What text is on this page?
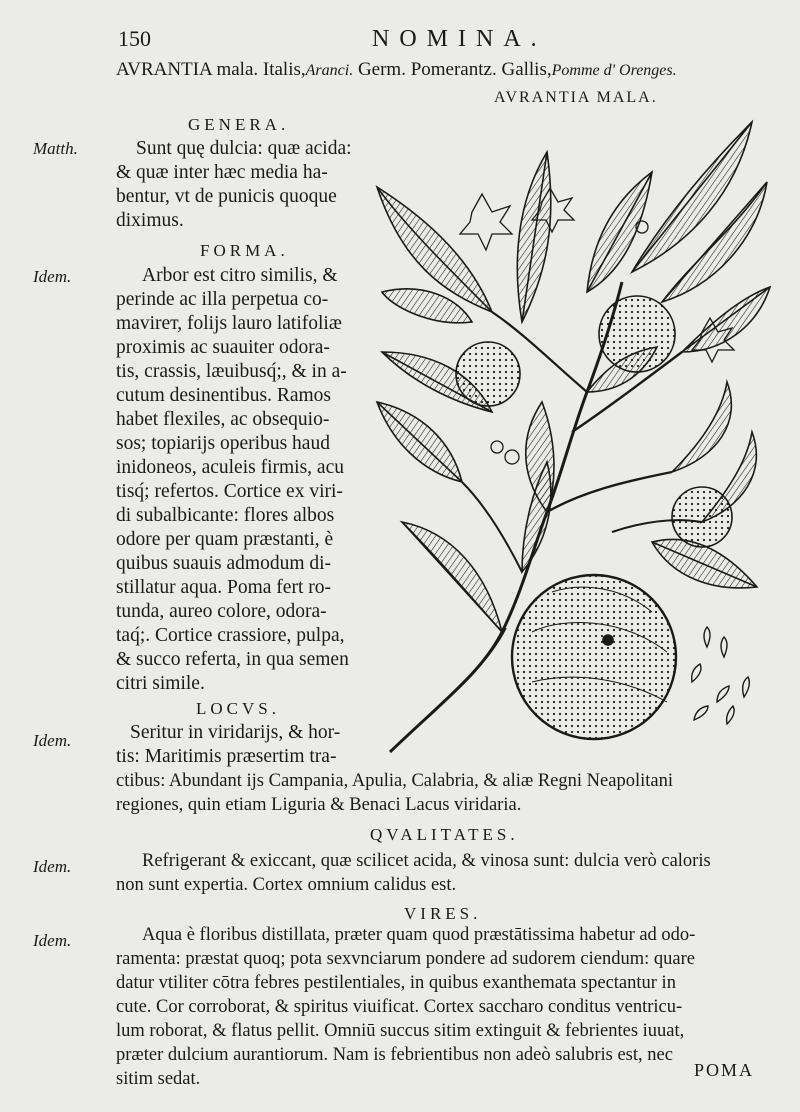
150	NOMINA.
AVRANTIA mala. Italis,Aranci. Germ. Pomerantz. Gallis,Pomme d' Orenges.
AVRANTIA MALA.
GENERA.
Matth.	Sunt quę dulcia: quæ acida:
& quæ inter hæc media ha-
bentur, vt de punicis quoque
diximus.
FORMA.
Idem.	Arbor est citro similis, &
perinde ac illa perpetua co-
mavirет, folijs lauro latifoliæ
proximis ac suauiter odora-
tis, crassis, læuibusq́;, & in a-
cutum desinentibus. Ramos
habet flexiles, ac obsequio-
sos; topiarijs operibus haud
inidoneos, aculeis firmis, acu
tisq́; refertos. Cortice ex viri-
di subalbicante: flores albos
odore per quam præstanti, è
quibus suauis admodum di-
stillatur aqua. Poma fert ro-
tunda, aureo colore, odora-
taq́;. Cortice crassiore, pulpa,
& succo referta, in qua semen
citri simile.
LOCVS.
Idem.	Seritur in viridarijs, & hor-
tis: Maritimis præsertim tra-
ctibus: Abundant ijs Campania, Apulia, Calabria, & aliæ Regni Neapolitani
regiones, quin etiam Liguria & Benaci Lacus viridaria.
QVALITATES.
Idem.	Refrigerant & exiccant, quæ scilicet acida, & vinosa sunt: dulcia verò caloris
non sunt expertia. Cortex omnium calidus est.
VIRES.
Idem.	Aqua è floribus distillata, præter quam quod præstātissima habetur ad odo-
ramenta: præstat quoq; pota sexvnciarum pondere ad sudorem ciendum: quare
datur vtiliter cōtra febres pestilentiales, in quibus exanthemata spectantur in
cute. Cor corroborat, & spiritus viuificat. Cortex sacchаro conditus ventricu-
lum roborat, & flatus pellit. Omniū succus sitim extinguit & febrientes iuuat,
præter dulcium aurantiorum. Nam is febrientibus non adeò salubris est, nec
sitim sedat.	POMA
